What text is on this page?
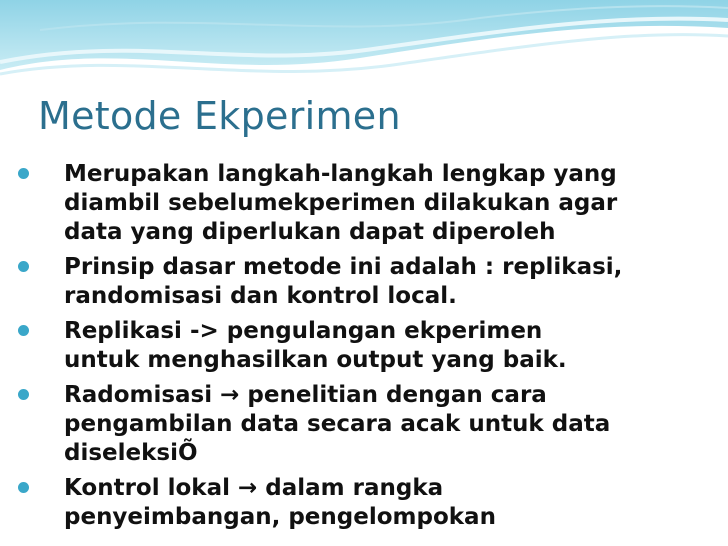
Metode Ekperimen
Merupakan langkah-langkah lengkap yang diambil sebelumekperimen dilakukan agar data yang diperlukan dapat diperoleh
Prinsip dasar metode ini adalah : replikasi, randomisasi dan kontrol local.
Replikasi -> pengulangan ekperimen untuk menghasilkan output yang baik.
Radomisasi → penelitian dengan cara pengambilan data secara acak untuk data diseleksiÕ
Kontrol lokal → dalam rangka penyeimbangan, pengelompokan
